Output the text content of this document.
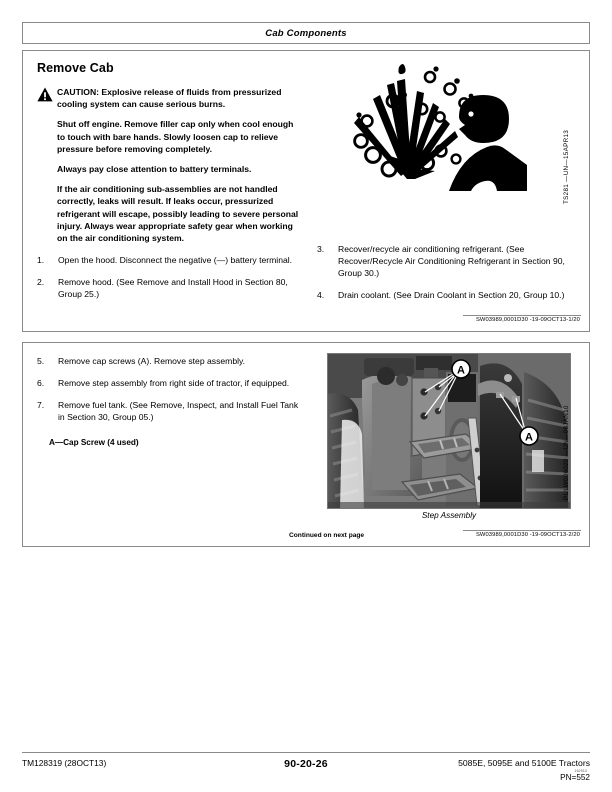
Cab Components
Remove Cab

CAUTION: Explosive release of fluids from pressurized cooling system can cause serious burns.

Shut off engine. Remove filler cap only when cool enough to touch with bare hands. Slowly loosen cap to relieve pressure before removing completely.

Always pay close attention to battery terminals.

If the air conditioning sub-assemblies are not handled correctly, leaks will result. If leaks occur, pressurized refrigerant will escape, possibly leading to severe personal injury. Always wear appropriate safety gear when working on the air conditioning system.

1.	Open the hood. Disconnect the negative (—) battery terminal.
2.	Remove hood. (See Remove and Install Hood in Section 80, Group 25.)
3.	Recover/recycle air conditioning refrigerant. (See Recover/Recycle Air Conditioning Refrigerant in Section 90, Group 30.)
4.	Drain coolant. (See Drain Coolant in Section 20, Group 10.)
SW03989,0001D30 -19-09OCT13-1/20
TS281 —UN—15APR13
5.	Remove cap screws (A). Remove step assembly.
6.	Remove step assembly from right side of tractor, if equipped.
7.	Remove fuel tank. (See Remove, Inspect, and Install Fuel Tank in Section 30, Group 05.)
A—Cap Screw (4 used)
A
A
Step Assembly
Continued on next page	SW03989,0001D30 -19-09OCT13-2/20
PULW006020 —UN—08JAN10
TM128319 (28OCT13)	90-20-26	5085E, 5095E and 5100E Tractors
162910
PN=552
